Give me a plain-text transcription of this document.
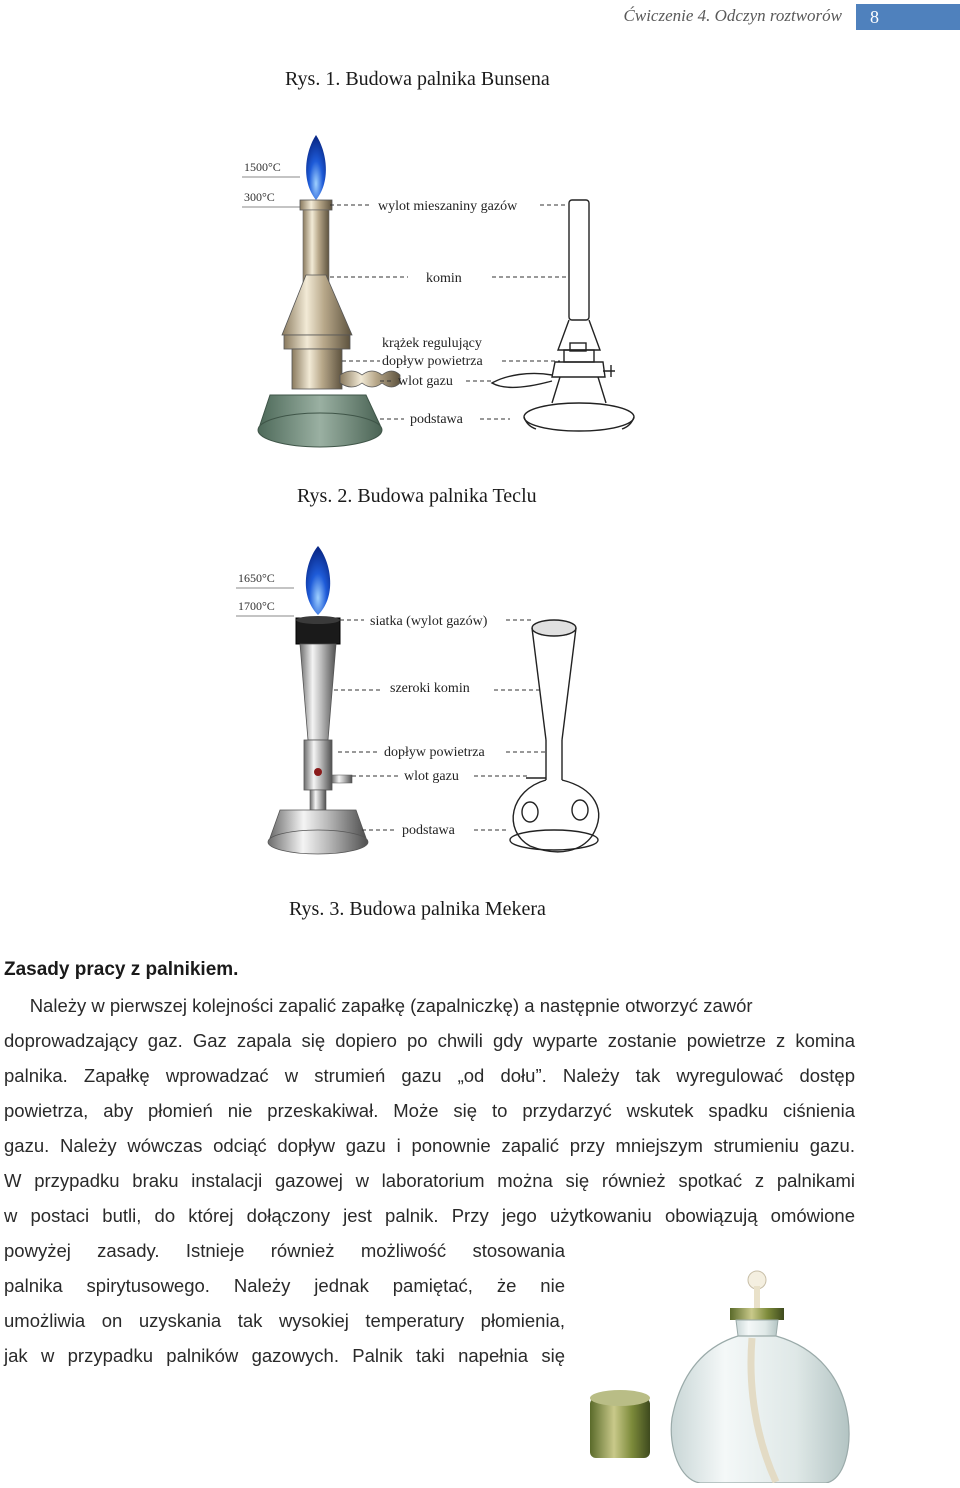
Ćwiczenie 4. Odczyn roztworów	8
Rys. 1. Budowa palnika Bunsena
1500°C
300°C
wylot mieszaniny gazów
komin
krążek regulujący
dopływ powietrza
wlot gazu
podstawa
Rys. 2. Budowa palnika Teclu
1650°C
1700°C
siatka (wylot gazów)
szeroki komin
dopływ powietrza
wlot gazu
podstawa
Rys. 3. Budowa palnika Mekera
Zasady pracy z palnikiem.
Należy w pierwszej kolejności zapalić zapałkę (zapalniczkę) a następnie otworzyć zawór
doprowadzający gaz. Gaz zapala się dopiero po chwili gdy wyparte zostanie powietrze z komina
palnika. Zapałkę wprowadzać w strumień gazu „od dołu”. Należy tak wyregulować dostęp
powietrza, aby płomień nie przeskakiwał. Może się to przydarzyć wskutek spadku ciśnienia
gazu. Należy wówczas odciąć dopływ gazu i ponownie zapalić przy mniejszym strumieniu gazu.
W przypadku braku instalacji gazowej w laboratorium można się również spotkać z palnikami
w postaci butli, do której dołączony jest palnik. Przy jego użytkowaniu obowiązują omówione
powyżej zasady. Istnieje również możliwość stosowania
palnika spirytusowego. Należy jednak pamiętać, że nie
umożliwia on uzyskania tak wysokiej temperatury płomienia,
jak w przypadku palników gazowych. Palnik taki napełnia się
